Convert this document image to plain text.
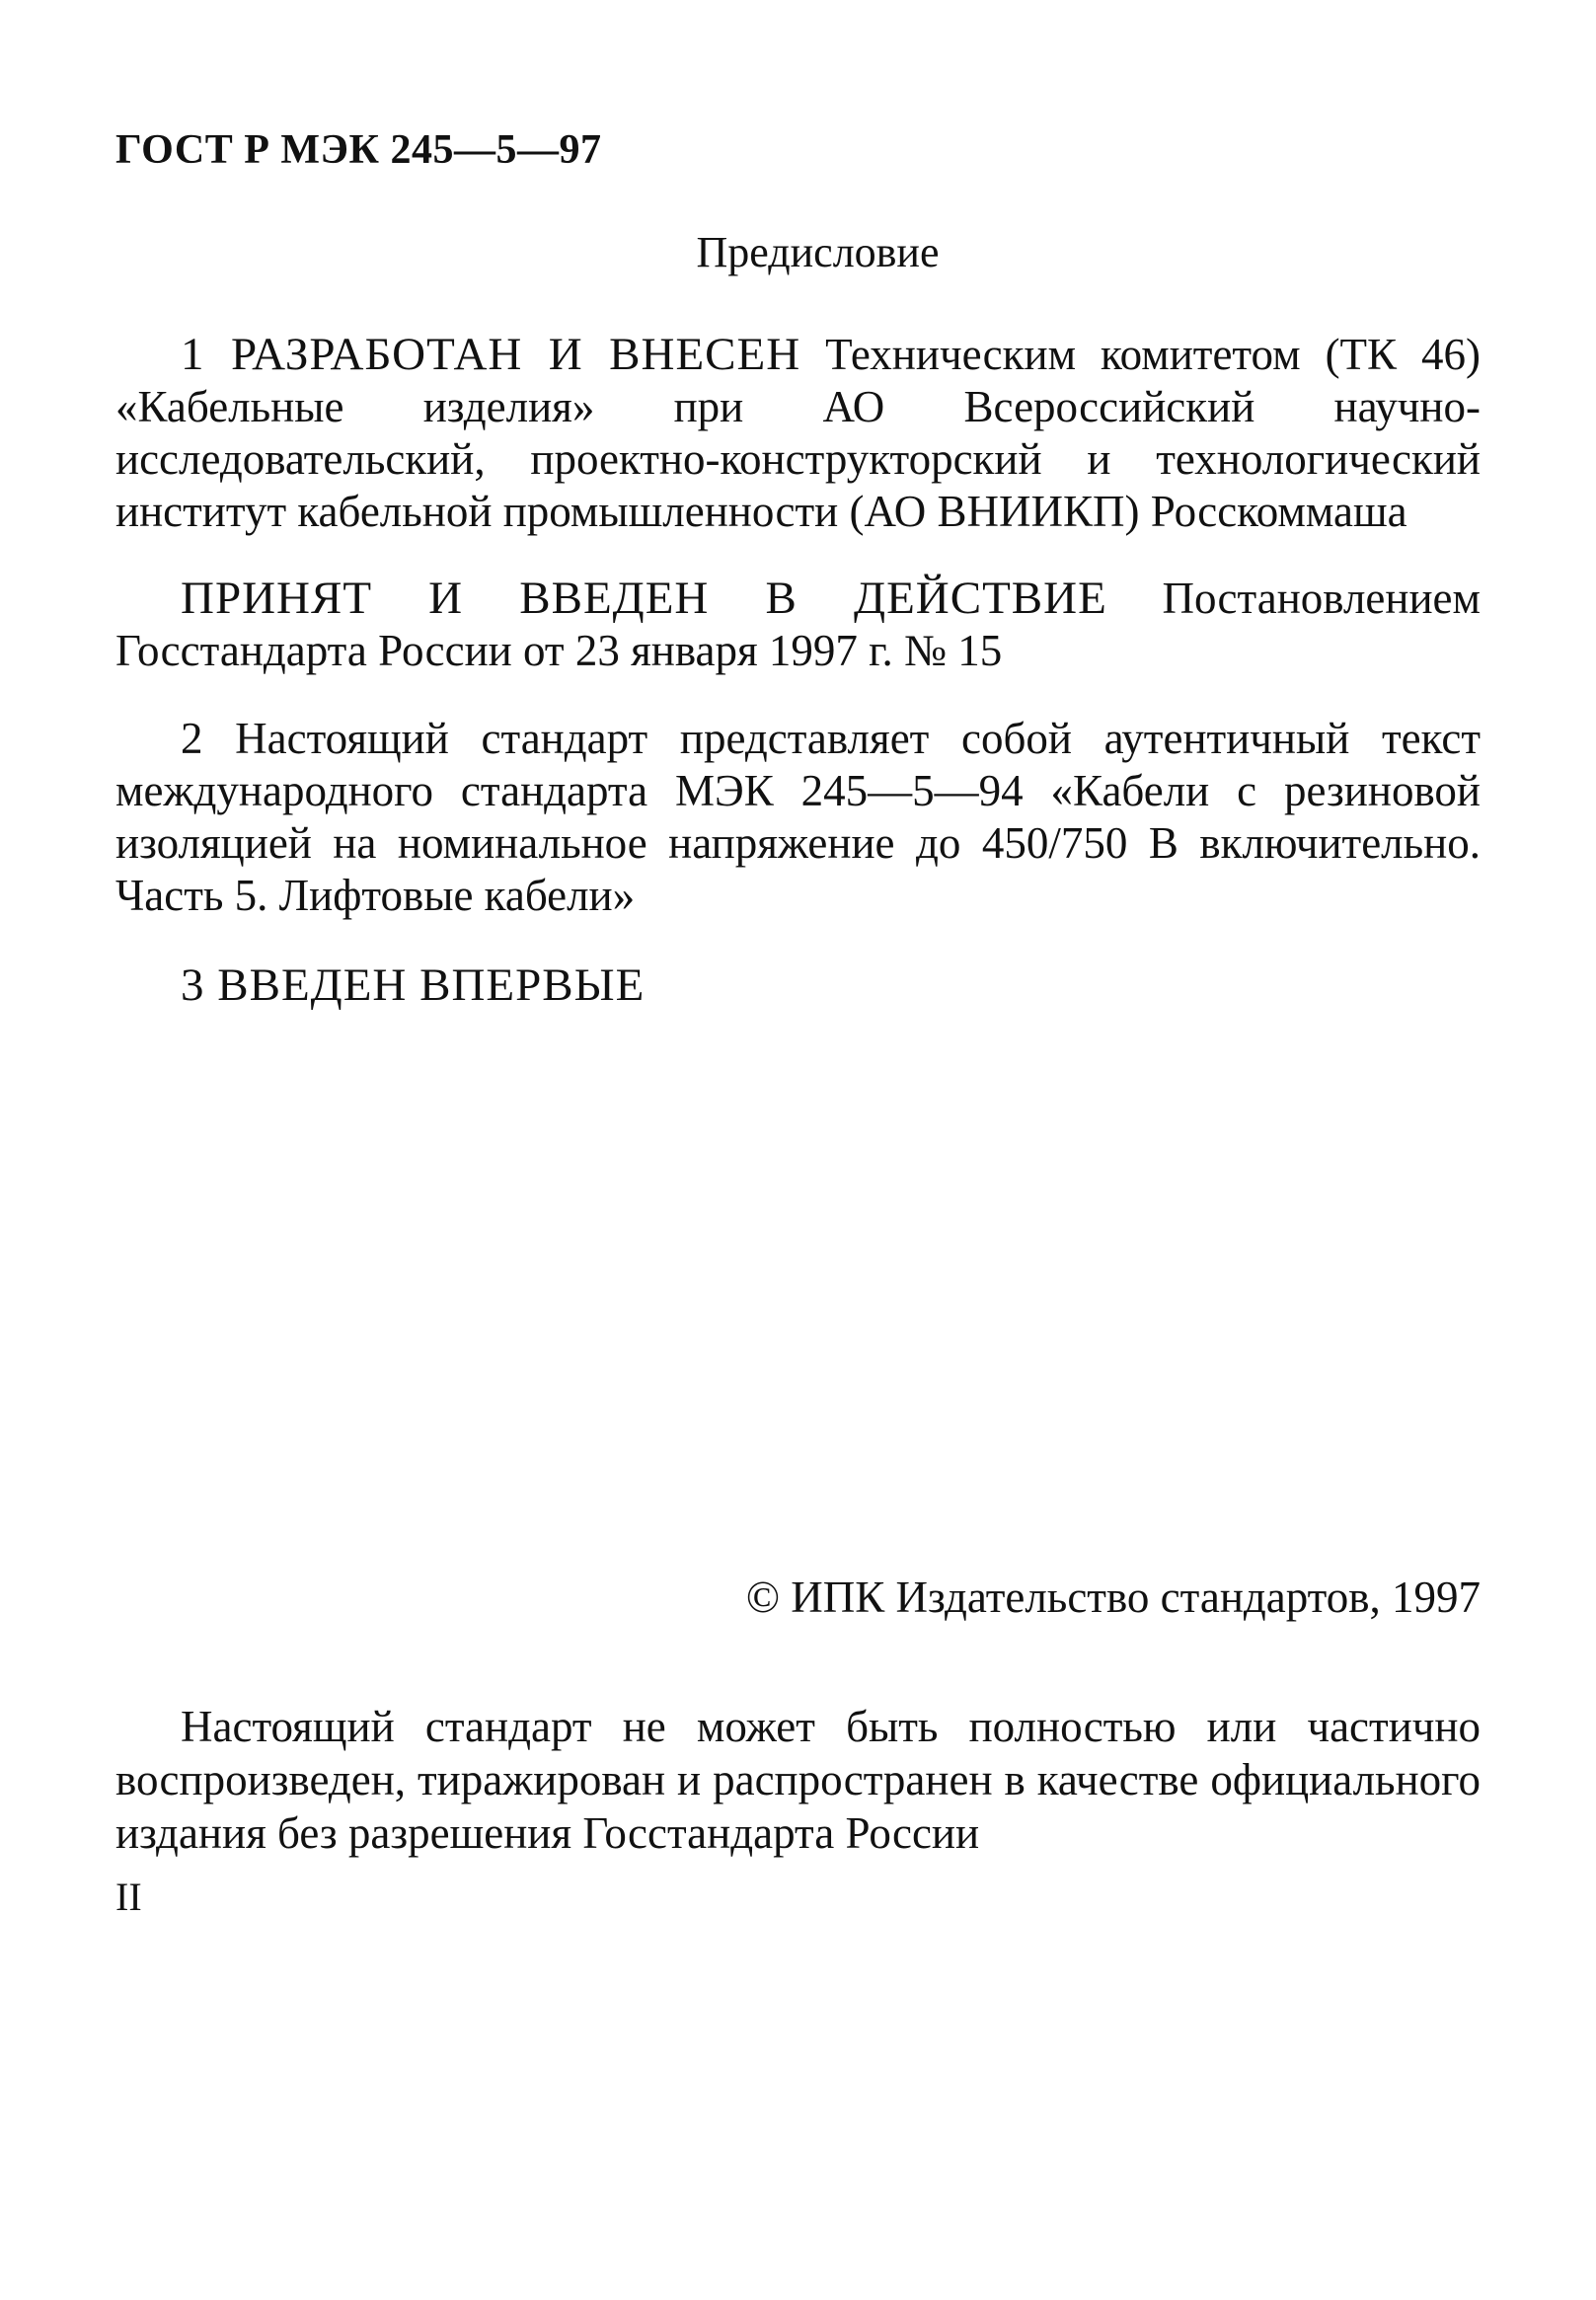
ГОСТ Р МЭК 245—5—97
Предисловие

1 РАЗРАБОТАН И ВНЕСЕН Техническим комитетом (ТК 46) «Кабельные изделия» при АО Всероссийский научно-исследовательский, проектно-конструкторский и технологический институт кабельной промышленности (АО ВНИИКП) Росскоммаша

ПРИНЯТ И ВВЕДЕН В ДЕЙСТВИЕ Постановлением Госстандарта России от 23 января 1997 г. № 15

2 Настоящий стандарт представляет собой аутентичный текст международного стандарта МЭК 245—5—94 «Кабели с резиновой изоляцией на номинальное напряжение до 450/750 В включительно. Часть 5. Лифтовые кабели»

3 ВВЕДЕН ВПЕРВЫЕ

© ИПК Издательство стандартов, 1997

Настоящий стандарт не может быть полностью или частично воспроизведен, тиражирован и распространен в качестве официального издания без разрешения Госстандарта России

II
